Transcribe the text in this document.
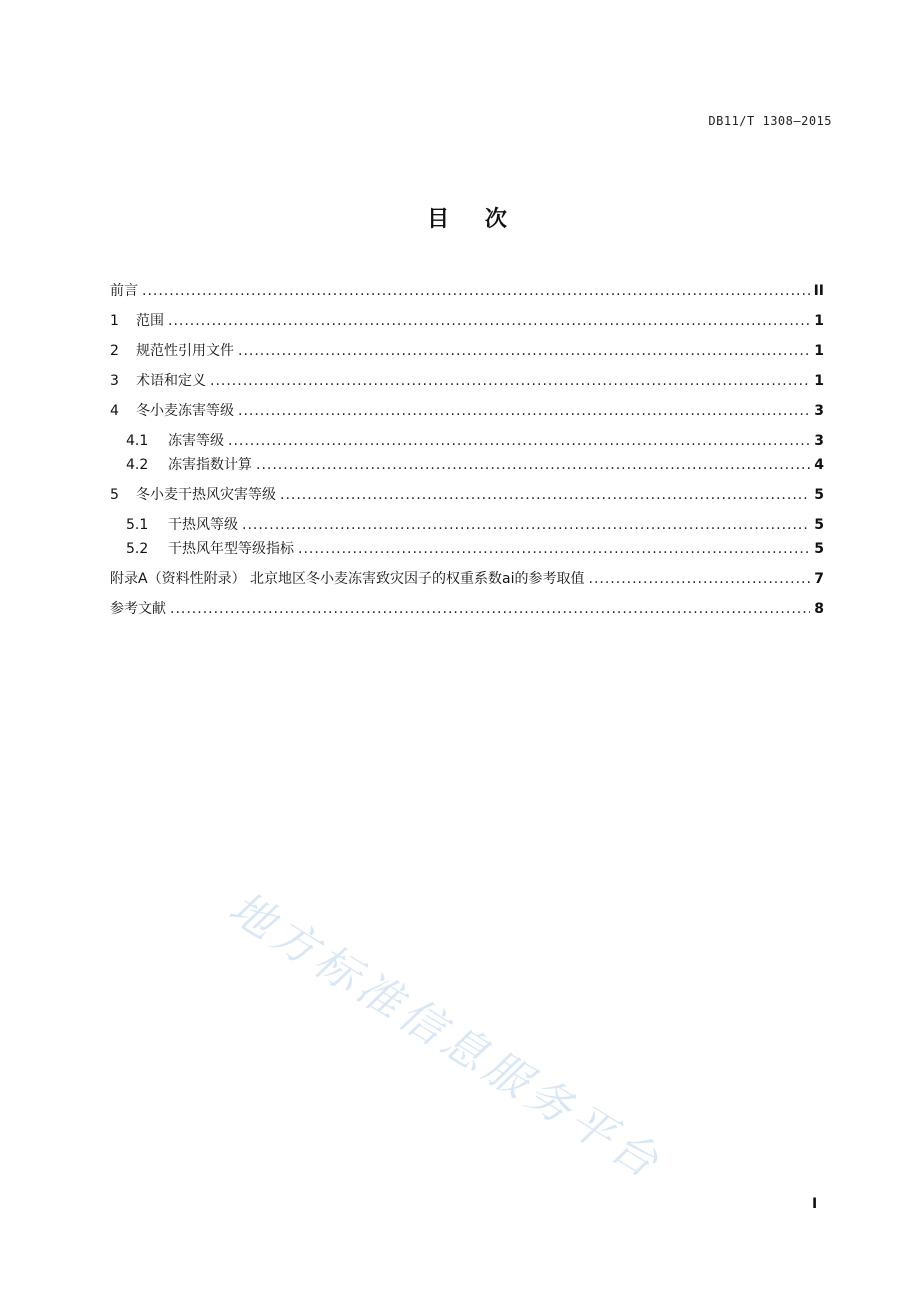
DB11/T 1308—2015
目 次
前言 .....	II
1	范围 .....	1
2	规范性引用文件 .....	1
3	术语和定义 .....	1
4	冬小麦冻害等级 .....	3
4.1	冻害等级 .....	3
4.2	冻害指数计算 .....	4
5	冬小麦干热风灾害等级 .....	5
5.1	干热风等级 .....	5
5.2	干热风年型等级指标 .....	5
附录A（资料性附录） 北京地区冬小麦冻害致灾因子的权重系数ai的参考取值 .....	7
参考文献 .....	8
地方标准信息服务平台
I
